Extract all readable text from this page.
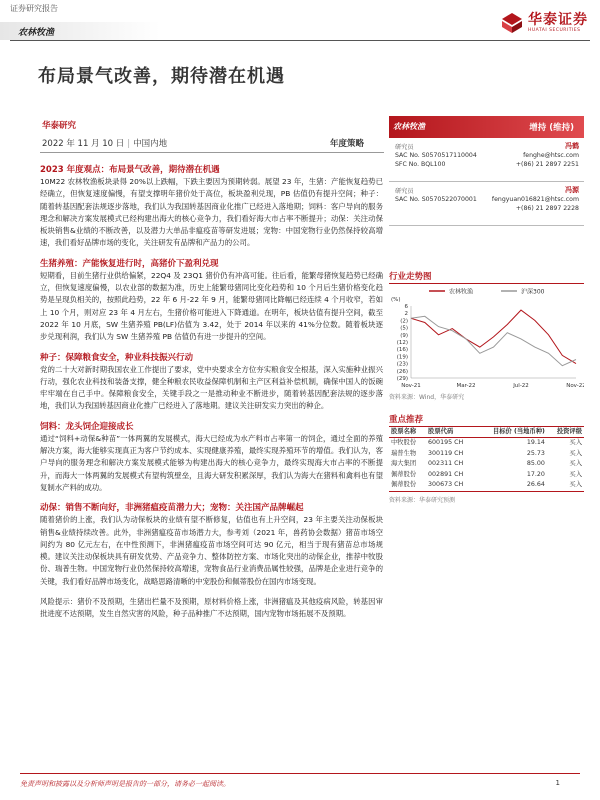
证券研究报告
华泰证券
HUATAI SECURITIES
农林牧渔
布局景气改善，期待潜在机遇
华泰研究
2022 年 11 月 10 日 | 中国内地	年度策略
2023 年度观点：布局景气改善，期待潜在机遇

10M22 农林牧渔板块录得 20%以上跌幅，下跌主要因为预期转弱。展望 23 年，生猪：产能恢复趋势已经确立，但恢复速度偏慢，有望支撑明年猪价处于高位，板块盈利兑现，PB 估值仍有提升空间；种子：随着转基因配套法规逐步落地，我们认为我国转基因商业化推广已经进入落地期；饲料：客户导向的服务理念和解决方案发展模式已经构建出海大的核心竞争力，我们看好海大市占率不断提升；动保：关注动保板块销售&业绩的不断改善，以及潜力大单品非瘟疫苗等研发进展；宠物：中国宠物行业仍然保持较高增速，我们看好品牌市场的变化，关注研发有品牌和产品力的公司。

生猪养殖：产能恢复进行时，高猪价下盈利兑现

短期看，目前生猪行业供给偏紧，22Q4 及 23Q1 猪价仍有冲高可能。往后看，能繁母猪恢复趋势已经确立，但恢复速度偏慢，以农业部的数据为准，历史上能繁母猪同比变化趋势和 10 个月后生猪价格变化趋势是呈现负相关的，按照此趋势，22 年 6 月-22 年 9 月，能繁母猪同比降幅已经连续 4 个月收窄，若如上 10 个月，则对应 23 年 4 月左右，生猪价格可能进入下降通道。在明年，板块估值有提升空间，截至 2022 年 10 月底，SW 生猪养殖 PB(LF)估值为 3.42，处于 2014 年以来的 41%分位数。随着板块逐步兑现利润，我们认为 SW 生猪养殖 PB 估值仍有进一步提升的空间。

种子：保障粮食安全，种业科技振兴行动

党的二十大对新时期我国农业工作提出了要求，党中央要求全方位夯实粮食安全根基，深入实施种业振兴行动，强化农业科技和装备支撑，健全种粮农民收益保障机制和主产区利益补偿机制，确保中国人的饭碗牢牢端在自己手中。保障粮食安全，关键手段之一是推动种业不断进步，随着转基因配套法规的逐步落地，我们认为我国转基因商业化推广已经进入了落地期。建议关注研发实力突出的种企。

饲料：龙头饲企迎接成长

通过“饲料+动保&种苗”一体两翼的发展模式，海大已经成为水产料市占率第一的饲企，通过全面的养殖解决方案，海大能够实现真正为客户节约成本、实现健康养殖，最终实现养殖环节的增值。我们认为，客户导向的服务理念和解决方案发展模式能够为构建出海大的核心竞争力，最终实现海大市占率的不断提升，而海大一体两翼的发展模式有望构筑壁垒，且海大研发积累深厚，我们认为海大在猪料和禽料也有望复制水产料的成功。

动保：销售不断向好，非洲猪瘟疫苗潜力大；宠物：关注国产品牌崛起

随着猪价的上涨，我们认为动保板块的业绩有望不断修复，估值也有上升空间，23 年主要关注动保板块销售&业绩持续改善。此外，非洲猪瘟疫苗市场潜力大，参考刘（2021 年，兽药协会数据）猪苗市场空间约为 80 亿元左右，在中性预测下，非洲猪瘟疫苗市场空间可达 90 亿元，相当于现有猪苗总市场规模。建议关注动保板块具有研发优势、产品竞争力、整体防控方案、市场化突出的动保企业，推荐中牧股份、瑞普生物。中国宠物行业仍然保持较高增速，宠物食品行业消费品属性较强，品牌是企业进行竞争的关键，我们看好品牌市场变化，战略思路清晰的中宠股份和佩蒂股份在国内市场变现。

风险提示：猪价不及预期，生猪出栏量不及预期，原材料价格上涨，非洲猪瘟及其他疫病风险，转基因审批进度不达预期，发生自然灾害的风险，种子品种推广不达预期，国内宠物市场拓展不及预期。

农林牧渔	增持 (维持)
研究员	冯鹤
SAC No. S0570517110004
SFC No. BQL100
fenghe@htsc.com
+(86) 21 2897 2251
研究员	冯源
SAC No. S0570522070001 fengyuan016821@htsc.com
+(86) 21 2897 2228
行业走势图
农林牧渔	沪深300
(%)
6
2
(2)
(5)
(9)
(12)
(16)
(19)
(23)
(26)
(29)
Nov-21	Mar-22	Jul-22	Nov-22
资料来源：Wind，华泰研究
重点推荐
股票名称	股票代码	目标价 (当地币种)	投资评级
中牧股份	600195 CH	19.14	买入
瑞普生物	300119 CH	25.73	买入
海大集团	002311 CH	85.00	买入
佩蒂股份	002891 CH	17.20	买入
佩蒂股份	300673 CH	26.64	买入
资料来源：华泰研究预测
免责声明和披露以及分析师声明是报告的一部分，请务必一起阅读。	1
